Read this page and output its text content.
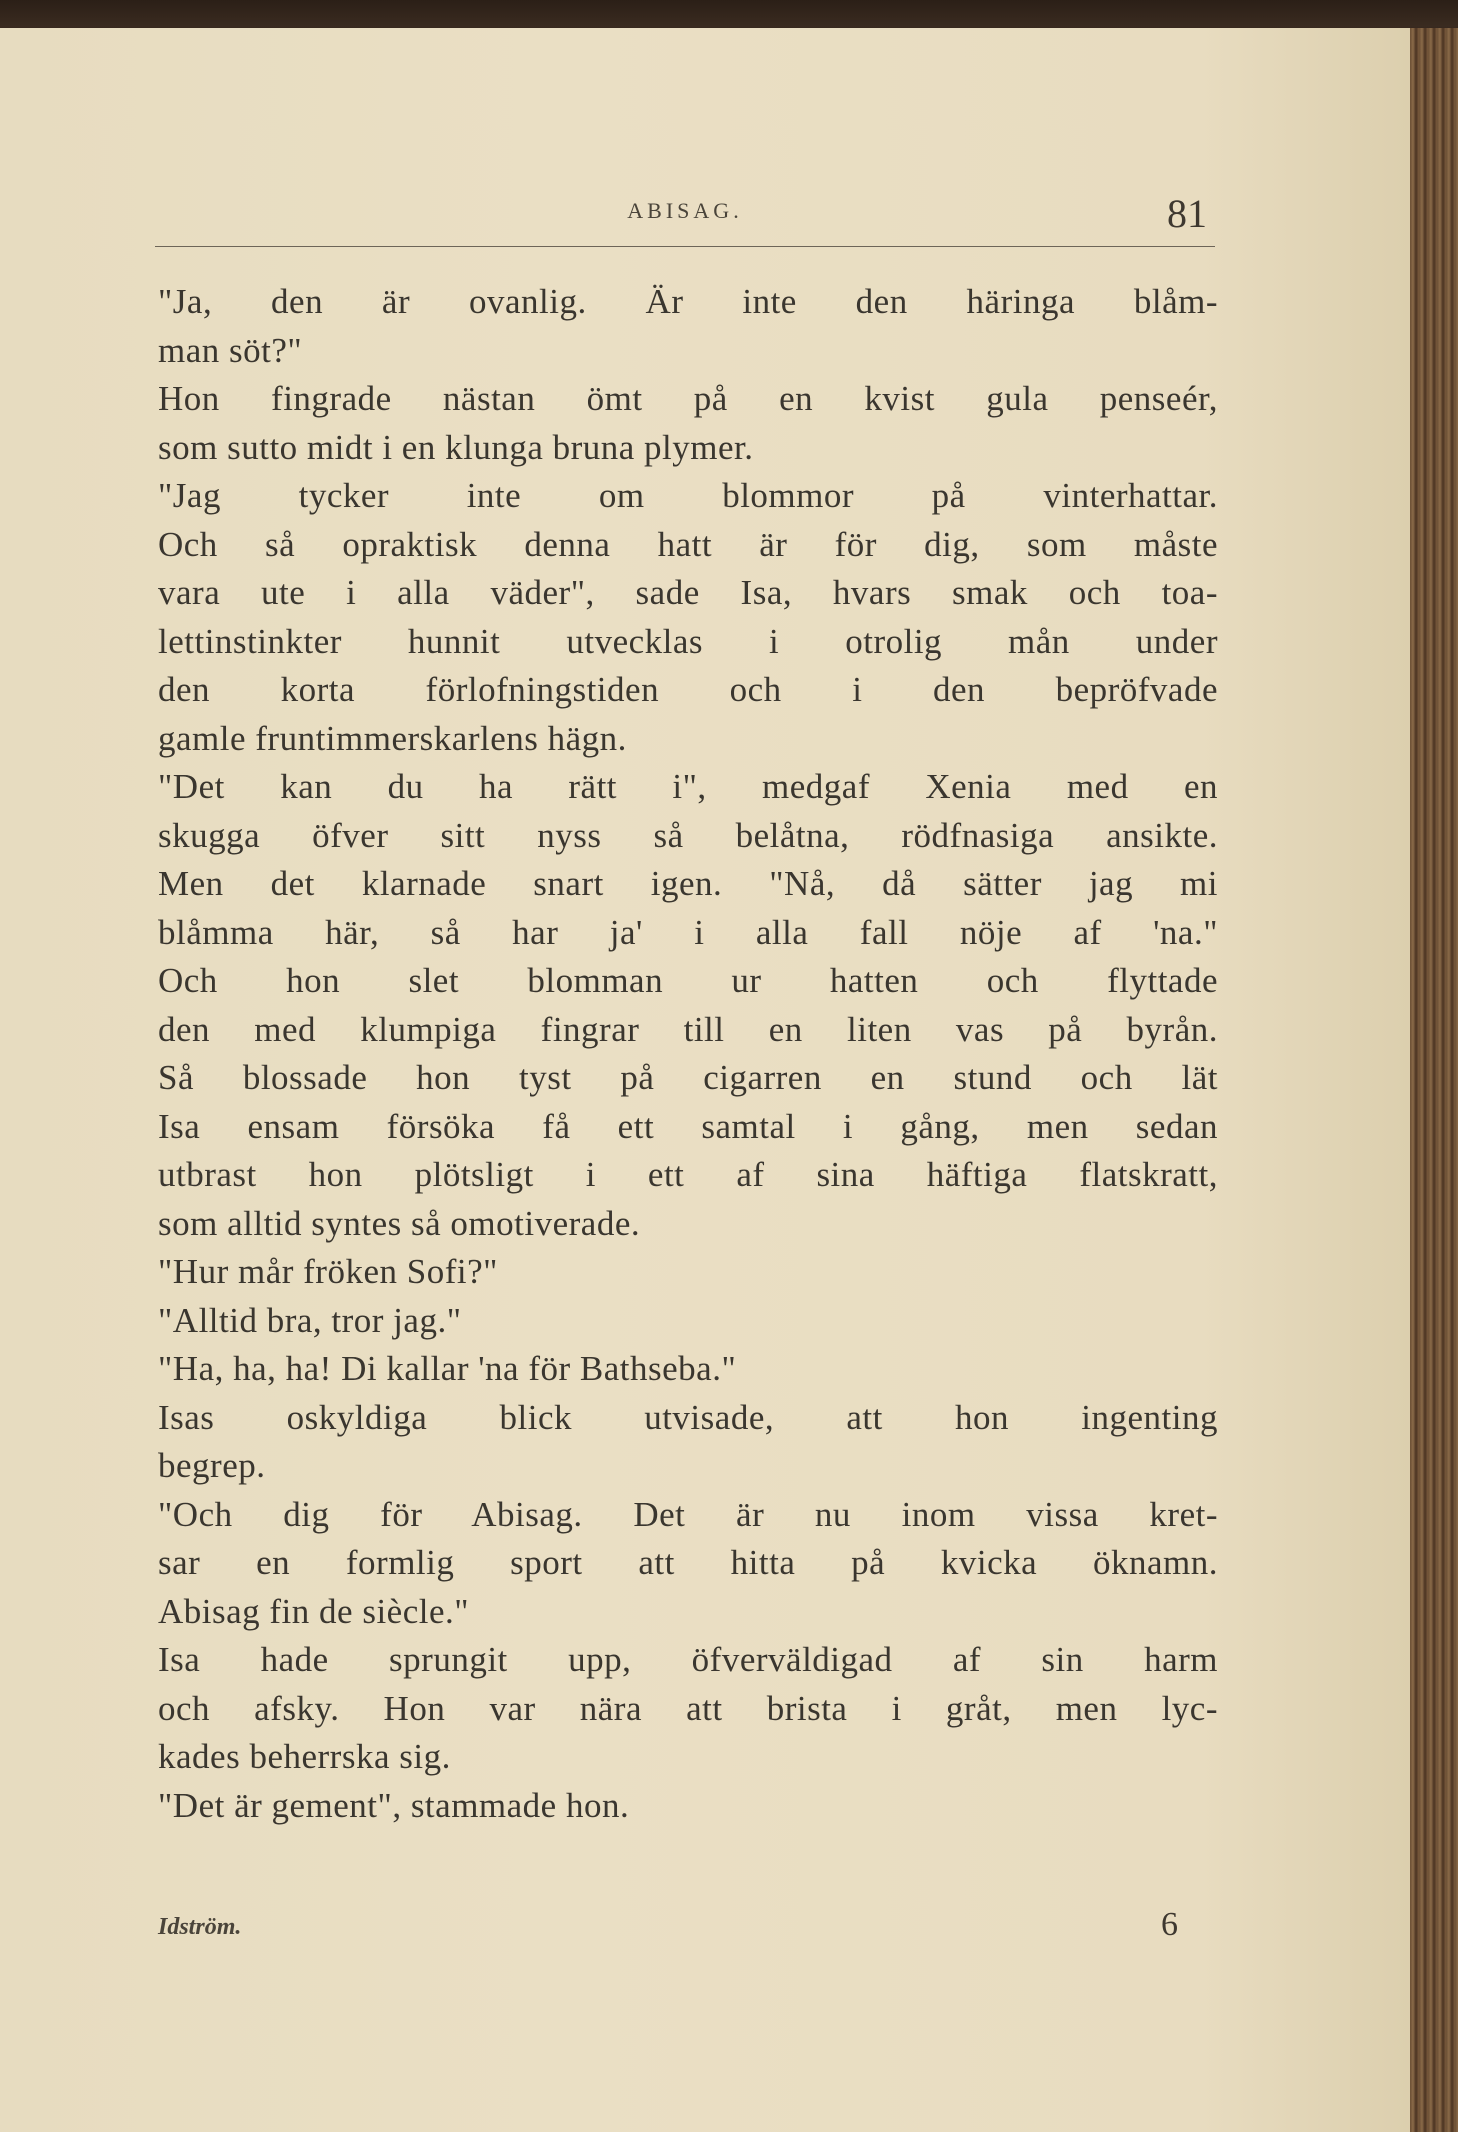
ABISAG.	81
"Ja, den är ovanlig. Är inte den häringa blåm-
man söt?"
Hon fingrade nästan ömt på en kvist gula penseér,
som sutto midt i en klunga bruna plymer.
"Jag tycker inte om blommor på vinterhattar.
Och så opraktisk denna hatt är för dig, som måste
vara ute i alla väder", sade Isa, hvars smak och toa-
lettinstinkter hunnit utvecklas i otrolig mån under
den korta förlofningstiden och i den bepröfvade
gamle fruntimmerskarlens hägn.
"Det kan du ha rätt i", medgaf Xenia med en
skugga öfver sitt nyss så belåtna, rödfnasiga ansikte.
Men det klarnade snart igen. "Nå, då sätter jag mi
blåmma här, så har ja' i alla fall nöje af 'na."
Och hon slet blomman ur hatten och flyttade
den med klumpiga fingrar till en liten vas på byrån.
Så blossade hon tyst på cigarren en stund och lät
Isa ensam försöka få ett samtal i gång, men sedan
utbrast hon plötsligt i ett af sina häftiga flatskratt,
som alltid syntes så omotiverade.
"Hur mår fröken Sofi?"
"Alltid bra, tror jag."
"Ha, ha, ha! Di kallar 'na för Bathseba."
Isas oskyldiga blick utvisade, att hon ingenting
begrep.
"Och dig för Abisag. Det är nu inom vissa kret-
sar en formlig sport att hitta på kvicka öknamn.
Abisag fin de siècle."
Isa hade sprungit upp, öfverväldigad af sin harm
och afsky. Hon var nära att brista i gråt, men lyc-
kades beherrska sig.
"Det är gement", stammade hon.
Idström.	6
